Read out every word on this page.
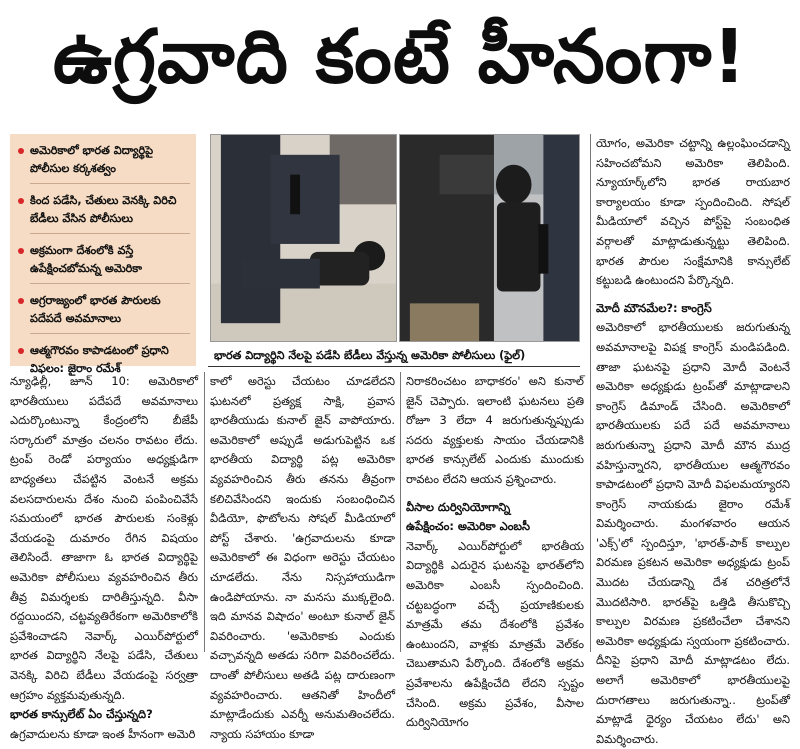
ఉగ్రవాది కంటే హీనంగా!
అమెరికాలో భారత విద్యార్థిపై పోలీసుల కర్కశత్వం
కింద పడేసి, చేతులు వెనక్కి విరిచి బేడీలు వేసిన పోలీసులు
అక్రమంగా దేశంలోకి వస్తే ఉపేక్షించబోమన్న అమెరికా
అగ్రరాజ్యంలో భారత పౌరులకు పదేపదే అవమానాలు
ఆత్మగౌరవం కాపాడటంలో ప్రధాని విఫలం: జైరాం రమేశ్
భారత విద్యార్థిని నేలపై పడేసి బేడీలు వేస్తున్న అమెరికా పోలీసులు (ఫైల్)

న్యూఢిల్లీ, జూన్ 10: అమెరికాలో భారతీయులు పదేపదే అవమానాలు ఎదుర్కొంటున్నా కేంద్రంలోని బీజేపీ సర్కారులో మాత్రం చలనం రావటం లేదు. ట్రంప్ రెండో పర్యాయం అధ్యక్షుడిగా బాధ్యతలు చేపట్టిన వెంటనే అక్రమ వలసదారులను దేశం నుంచి పంపించివేసే సమయంలో భారత పౌరులకు సంకెళ్లు వేయడంపై దుమారం రేగిన విషయం తెలిసిందే. తాజాగా ఓ భారత విద్యార్థిపై అమెరికా పోలీసులు వ్యవహరించిన తీరు తీవ్ర విమర్శలకు దారితీస్తున్నది. వీసా రద్దయిందని, చట్టవ్యతిరేకంగా అమెరికాలోకి ప్రవేశించాడని నెవార్క్ ఎయిర్‌పోర్టులో భారత విద్యార్థిని నేలపై పడేసి, చేతులు వెనక్కి విరిచి బేడీలు వేయడంపై సర్వత్రా ఆగ్రహం వ్యక్తమవుతున్నది.

భారత కాన్సులేట్ ఏం చేస్తున్నది?

ఉగ్రవాదులను కూడా ఇంత హీనంగా అమెరి

కాలో అరెస్టు చేయటం చూడలేదని ఘటనలో ప్రత్యక్ష సాక్షి, ప్రవాస భారతీయుడు కునాల్ జైన్ వాపోయారు. అమెరికాలో అప్పుడే అడుగుపెట్టిన ఒక భారతీయ విద్యార్థి పట్ల అమెరికా వ్యవహరించిన తీరు తనను తీవ్రంగా కలిచివేసిందని ఇందుకు సంబంధించిన వీడియో, ఫొటోలను సోషల్ మీడియాలో పోస్ట్ చేశారు. 'ఉగ్రవాదులను కూడా అమెరికాలో ఈ విధంగా అరెస్టు చేయటం చూడలేదు. నేను నిస్సహాయుడిగా ఉండిపోయాను. నా మనసు ముక్కలైంది. ఇది మానవ విషాదం' అంటూ కునాల్ జైన్ వివరించారు. 'అమెరికాకు ఎందుకు వచ్చావన్నది అతడు సరిగా వివరించలేదు. దాంతో పోలీసులు అతడి పట్ల దారుణంగా వ్యవహరించారు. ఆతనితో హిందీలో మాట్లాడేందుకు ఎవర్నీ అనుమతించలేదు. న్యాయ సహాయం కూడా

నిరాకరించటం బాధాకరం' అని కునాల్ జైన్ చెప్పారు. ఇలాంటి ఘటనలు ప్రతి రోజూ 3 లేదా 4 జరుగుతున్నప్పుడు సదరు వ్యక్తులకు సాయం చేయడానికి భారత కాన్సులేట్ ఎందుకు ముందుకు రావటం లేదని ఆయన ప్రశ్నించారు.

వీసాల దుర్వినియోగాన్ని

ఉపేక్షించం: అమెరికా ఎంబసీ

నెవార్క్ ఎయిర్‌పోర్టులో భారతీయ విద్యార్థికి ఎదురైన ఘటనపై భారత్‌లోని అమెరికా ఎంబసీ స్పందించింది. చట్టబద్ధంగా వచ్చే ప్రయాణికులకు మాత్రమే తమ దేశంలోకి ప్రవేశం ఉంటుందని, వాళ్లకు మాత్రమే వెల్‌కం చెబుతామని పేర్కొంది. దేశంలోకి అక్రమ ప్రవేశాలను ఉపేక్షించేది లేదని స్పష్టం చేసింది. అక్రమ ప్రవేశం, వీసాల దుర్వినియోగం

యోగం, అమెరికా చట్టాన్ని ఉల్లంఘించడాన్ని సహించబోమని అమెరికా తెలిపింది. న్యూయార్క్‌లోని భారత రాయబార కార్యాలయం కూడా స్పందించింది. సోషల్ మీడియాలో వచ్చిన పోస్ట్‌పై సంబంధిత వర్గాలతో మాట్లాడుతున్నట్టు తెలిపింది. భారత పౌరుల సంక్షేమానికి కాన్సులేట్ కట్టుబడి ఉంటుందని పేర్కొన్నది.

మోదీ మౌనమేల?: కాంగ్రెస్

అమెరికాలో భారతీయులకు జరుగుతున్న అవమానాలపై విపక్ష కాంగ్రెస్ మండిపడింది. తాజా ఘటనపై ప్రధాని మోదీ వెంటనే అమెరికా అధ్యక్షుడు ట్రంప్‌తో మాట్లాడాలని కాంగ్రెస్ డిమాండ్ చేసింది. అమెరికాలో భారతీయులకు పదే పదే అవమానాలు జరుగుతున్నా ప్రధాని మోదీ మౌన ముద్ర వహిస్తున్నారని, భారతీయుల ఆత్మగౌరవం కాపాడటంలో ప్రధాని మోదీ విఫలమయ్యారని కాంగ్రెస్ నాయకుడు జైరాం రమేశ్ విమర్శించారు. మంగళవారం ఆయన 'ఎక్స్'లో స్పందిస్తూ, 'భారత్-పాక్ కాల్పుల విరమణ ప్రకటన అమెరికా అధ్యక్షుడు ట్రంప్ మొదట చేయడాన్ని దేశ చరిత్రలోనే మొదటిసారి. భారత్‌పై ఒత్తిడి తీసుకొచ్చి కాల్పుల విరమణ ప్రకటించేలా చేశానని అమెరికా అధ్యక్షుడు స్వయంగా ప్రకటించారు. దీనిపై ప్రధాని మోదీ మాట్లాడటం లేదు. అలాగే అమెరికాలో భారతీయులపై దురాగతాలు జరుగుతున్నా.. ట్రంప్‌తో మాట్లాడే ధైర్యం చేయటం లేదు' అని విమర్శించారు.
